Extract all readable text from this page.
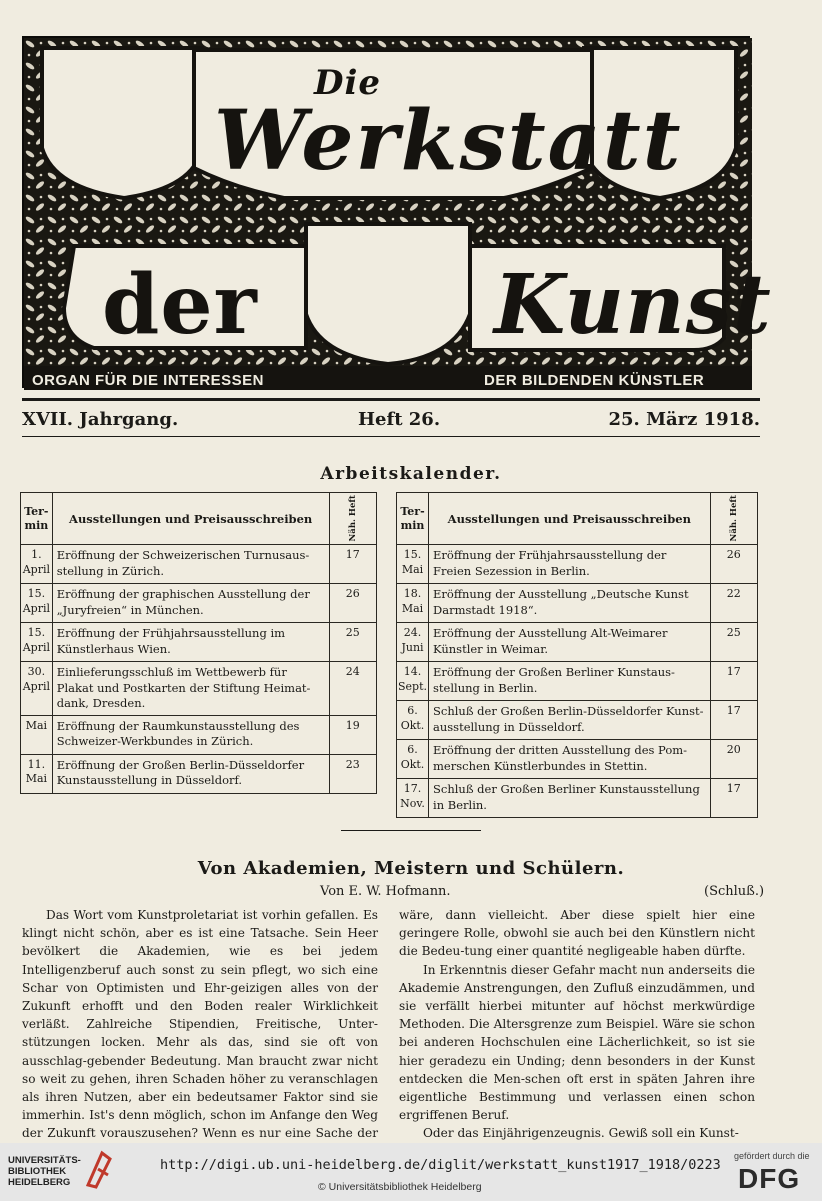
Die
Werkstatt
der	Kunst
ORGAN FÜR DIE INTERESSEN	DER BILDENDEN KÜNSTLER
XVII. Jahrgang.	Heft 26.	25. März 1918.
Arbeitskalender.
Ter-
min	Ausstellungen und Preisausschreiben	Näh. Heft

1.
April	Eröffnung der Schweizerischen Turnusaus-stellung in Zürich.	17
15.
April	Eröffnung der graphischen Ausstellung der „Juryfreien“ in München.	26
15.
April	Eröffnung der Frühjahrsausstellung im Künstlerhaus Wien.	25
30.
April	Einlieferungsschluß im Wettbewerb für Plakat und Postkarten der Stiftung Heimat-dank, Dresden.	24
Mai	Eröffnung der Raumkunstausstellung des Schweizer-Werkbundes in Zürich.	19
11.
Mai	Eröffnung der Großen Berlin-Düsseldorfer Kunstausstellung in Düsseldorf.	23
Ter-
min	Ausstellungen und Preisausschreiben	Näh. Heft

15.
Mai	Eröffnung der Frühjahrsausstellung der Freien Sezession in Berlin.	26
18.
Mai	Eröffnung der Ausstellung „Deutsche Kunst Darmstadt 1918“.	22
24.
Juni	Eröffnung der Ausstellung Alt-Weimarer Künstler in Weimar.	25
14.
Sept.	Eröffnung der Großen Berliner Kunstaus-stellung in Berlin.	17
6.
Okt.	Schluß der Großen Berlin-Düsseldorfer Kunst-ausstellung in Düsseldorf.	17
6.
Okt.	Eröffnung der dritten Ausstellung des Pom-merschen Künstlerbundes in Stettin.	20
17.
Nov.	Schluß der Großen Berliner Kunstausstellung in Berlin.	17
Von Akademien, Meistern und Schülern.
Von E. W. Hofmann.	(Schluß.)

Das Wort vom Kunstproletariat ist vorhin gefallen. Es klingt nicht schön, aber es ist eine Tatsache. Sein Heer bevölkert die Akademien, wie es bei jedem Intelligenzberuf auch sonst zu sein pflegt, wo sich eine Schar von Optimisten und Ehr-geizigen alles von der Zukunft erhofft und den Boden realer Wirklichkeit verläßt. Zahlreiche Stipendien, Freitische, Unter-stützungen locken. Mehr als das, sind sie oft von ausschlag-gebender Bedeutung. Man braucht zwar nicht so weit zu gehen, ihren Schaden höher zu veranschlagen als ihren Nutzen, aber ein bedeutsamer Faktor sind sie immerhin. Ist's denn möglich, schon im Anfange den Weg der Zukunft vorauszusehen? Wenn es nur eine Sache der

wäre, dann vielleicht. Aber diese spielt hier eine geringere Rolle, obwohl sie auch bei den Künstlern nicht die Bedeu-tung einer quantité negligeable haben dürfte.

In Erkenntnis dieser Gefahr macht nun anderseits die Akademie Anstrengungen, den Zufluß einzudämmen, und sie verfällt hierbei mitunter auf höchst merkwürdige Methoden. Die Altersgrenze zum Beispiel. Wäre sie schon bei anderen Hochschulen eine Lächerlichkeit, so ist sie hier geradezu ein Unding; denn besonders in der Kunst entdecken die Men-schen oft erst in späten Jahren ihre eigentliche Bestimmung und verlassen einen schon ergriffenen Beruf.

Oder das Einjährigenzeugnis. Gewiß soll ein Kunst-

UNIVERSITÄTS-
BIBLIOTHEK
HEIDELBERG
http://digi.ub.uni-heidelberg.de/diglit/werkstatt_kunst1917_1918/0223
© Universitätsbibliothek Heidelberg
gefördert durch die
DFG
